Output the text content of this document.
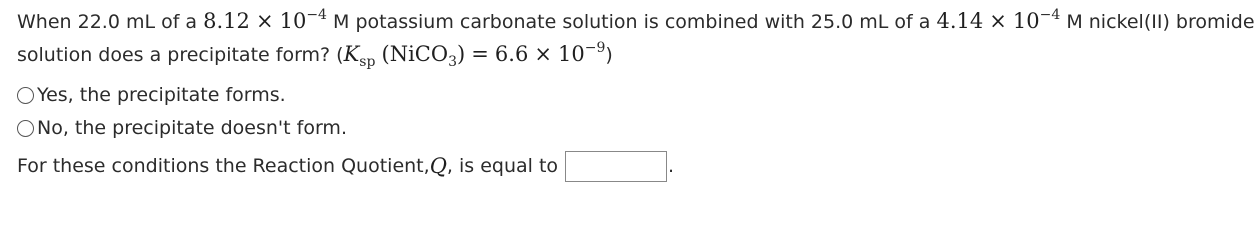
When 22.0 mL of a $8.12 \times 10^{-4}$ M potassium carbonate solution is combined with 25.0 mL of a $4.14 \times 10^{-4}$ M nickel(II) bromide
solution does a precipitate form? ($K_{sp}$ (NiCO$_3$) = $6.6 \times 10^{-9}$)
Yes, the precipitate forms.
No, the precipitate doesn't form.
For these conditions the Reaction Quotient, Q , is equal to	.
